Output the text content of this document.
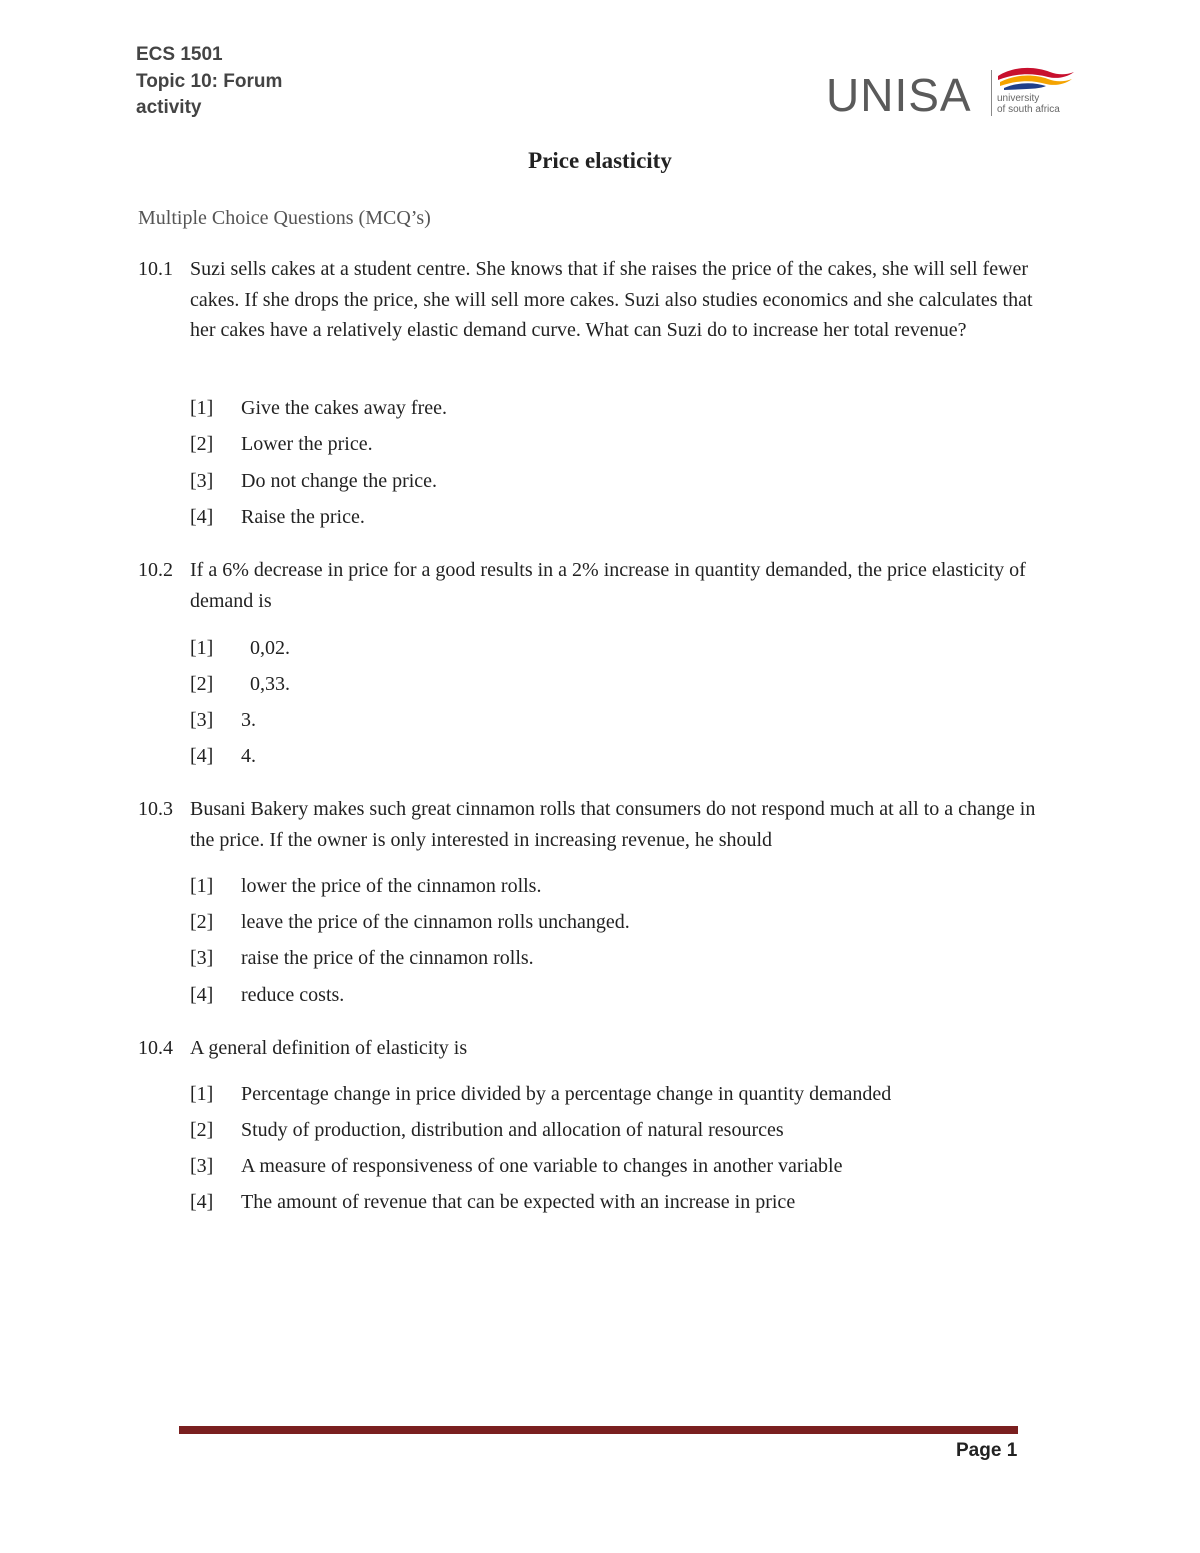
ECS 1501
Topic 10: Forum
activity	UNISA	university
of south africa
Price elasticity
Multiple Choice Questions (MCQ’s)
10.1 Suzi sells cakes at a student centre. She knows that if she raises the price of the cakes, she will sell fewer cakes. If she drops the price, she will sell more cakes. Suzi also studies economics and she calculates that her cakes have a relatively elastic demand curve. What can Suzi do to increase her total revenue?
[1] Give the cakes away free.
[2] Lower the price.
[3] Do not change the price.
[4] Raise the price.
10.2 If a 6% decrease in price for a good results in a 2% increase in quantity demanded, the price elasticity of demand is
[1] 0,02.
[2] 0,33.
[3] 3.
[4] 4.
10.3 Busani Bakery makes such great cinnamon rolls that consumers do not respond much at all to a change in the price. If the owner is only interested in increasing revenue, he should
[1] lower the price of the cinnamon rolls.
[2] leave the price of the cinnamon rolls unchanged.
[3] raise the price of the cinnamon rolls.
[4] reduce costs.
10.4 A general definition of elasticity is
[1] Percentage change in price divided by a percentage change in quantity demanded
[2] Study of production, distribution and allocation of natural resources
[3] A measure of responsiveness of one variable to changes in another variable
[4] The amount of revenue that can be expected with an increase in price
Page 1
